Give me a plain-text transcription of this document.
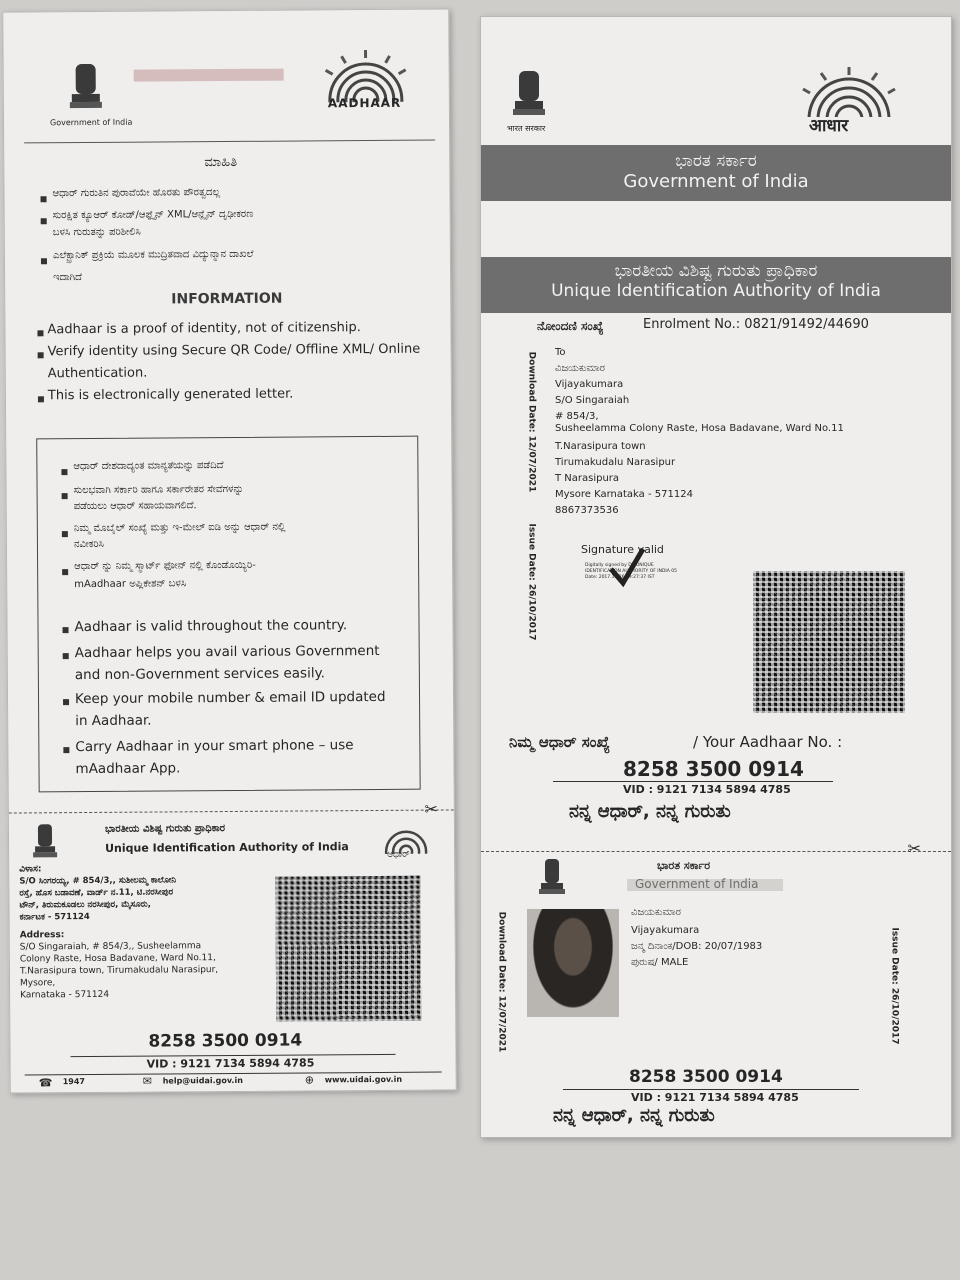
Government of India
AADHAAR
ಮಾಹಿತಿ
ಆಧಾರ್ ಗುರುತಿನ ಪುರಾವೆಯೇ ಹೊರತು ಪೌರತ್ವದಲ್ಲ
ಸುರಕ್ಷಿತ ಕ್ಯೂಆರ್ ಕೋಡ್/ಆಫ್ಲೈನ್ XML/ಆನ್ಲೈನ್ ದೃಢೀಕರಣ
ಬಳಸಿ ಗುರುತನ್ನು ಪರಿಶೀಲಿಸಿ
ಎಲೆಕ್ಟ್ರಾನಿಕ್ ಪ್ರಕ್ರಿಯೆ ಮೂಲಕ ಮುದ್ರಿತವಾದ ವಿದ್ಯುನ್ಮಾನ ದಾಖಲೆ
ಇದಾಗಿದೆ
INFORMATION
Aadhaar is a proof of identity, not of citizenship.
Verify identity using Secure QR Code/ Offline XML/ Online
Authentication.
This is electronically generated letter.
ಆಧಾರ್ ದೇಶದಾದ್ಯಂತ ಮಾನ್ಯತೆಯನ್ನು ಪಡೆದಿದೆ
ಸುಲಭವಾಗಿ ಸರ್ಕಾರಿ ಹಾಗೂ ಸರ್ಕಾರೇತರ ಸೇವೆಗಳನ್ನು
ಪಡೆಯಲು ಆಧಾರ್ ಸಹಾಯವಾಗಲಿದೆ.
ನಿಮ್ಮ ಮೊಬೈಲ್ ಸಂಖ್ಯೆ ಮತ್ತು ಇ-ಮೇಲ್ ಐಡಿ ಅನ್ನು ಆಧಾರ್ ನಲ್ಲಿ
ನವೀಕರಿಸಿ
ಆಧಾರ್ ನ್ನು ನಿಮ್ಮ ಸ್ಮಾರ್ಟ್ ಫೋನ್ ನಲ್ಲಿ ಕೊಂಡೊಯ್ಯಿರಿ-
mAadhaar ಅಪ್ಲಿಕೇಶನ್ ಬಳಸಿ
Aadhaar is valid throughout the country.
Aadhaar helps you avail various Government
and non-Government services easily.
Keep your mobile number & email ID updated
in Aadhaar.
Carry Aadhaar in your smart phone – use
mAadhaar App.
✂
ಭಾರತೀಯ ವಿಶಿಷ್ಟ ಗುರುತು ಪ್ರಾಧಿಕಾರ
Unique Identification Authority of India	ಆಧಾರ್
ವಿಳಾಸ:
S/O ಸಿಂಗರಯ್ಯ, # 854/3,, ಸುಶೀಲಮ್ಮ ಕಾಲೋನಿ
ರಸ್ತೆ, ಹೊಸ ಬಡಾವಣೆ, ವಾರ್ಡ್ ನ.11, ಟಿ.ನರಸೀಪುರ
ಟೌನ್, ತಿರುಮಕೂಡಲು ನರಸೀಪುರ, ಮೈಸೂರು,
ಕರ್ನಾಟಕ - 571124
Address:
S/O Singaraiah, # 854/3,, Susheelamma
Colony Raste, Hosa Badavane, Ward No.11,
T.Narasipura town, Tirumakudalu Narasipur,
Mysore,
Karnataka - 571124
8258 3500 0914
VID : 9121 7134 5894 4785
☎ 1947	✉ help@uidai.gov.in	⊕ www.uidai.gov.in
भारत सरकार	आधार
ಭಾರತ ಸರ್ಕಾರ
Government of India
ಭಾರತೀಯ ವಿಶಿಷ್ಟ ಗುರುತು ಪ್ರಾಧಿಕಾರ
Unique Identification Authority of India
ನೋಂದಣಿ ಸಂಖ್ಯೆ	Enrolment No.: 0821/91492/44690
Download Date: 12/07/2021
Issue Date: 26/10/2017
To
ವಿಜಯಕುಮಾರ
Vijayakumara
S/O Singaraiah
# 854/3,
Susheelamma Colony Raste, Hosa Badavane, Ward No.11
T.Narasipura town
Tirumakudalu Narasipur
T Narasipura
Mysore Karnataka - 571124
8867373536
Signature valid
Digitally signed by DS UNIQUE
IDENTIFICATION AUTHORITY OF INDIA 05
Date: 2017.10.26 19:27:37 IST
ನಿಮ್ಮ ಆಧಾರ್ ಸಂಖ್ಯೆ	/ Your Aadhaar No. :
8258 3500 0914
VID : 9121 7134 5894 4785
ನನ್ನ ಆಧಾರ್, ನನ್ನ ಗುರುತು
✂
ಭಾರತ ಸರ್ಕಾರ
Download Date: 12/07/2021	Issue Date: 26/10/2017
ವಿಜಯಕುಮಾರ
Vijayakumara
ಜನ್ಮ ದಿನಾಂಕ/DOB: 20/07/1983
ಪುರುಷ/ MALE
8258 3500 0914
VID : 9121 7134 5894 4785
ನನ್ನ ಆಧಾರ್, ನನ್ನ ಗುರುತು
